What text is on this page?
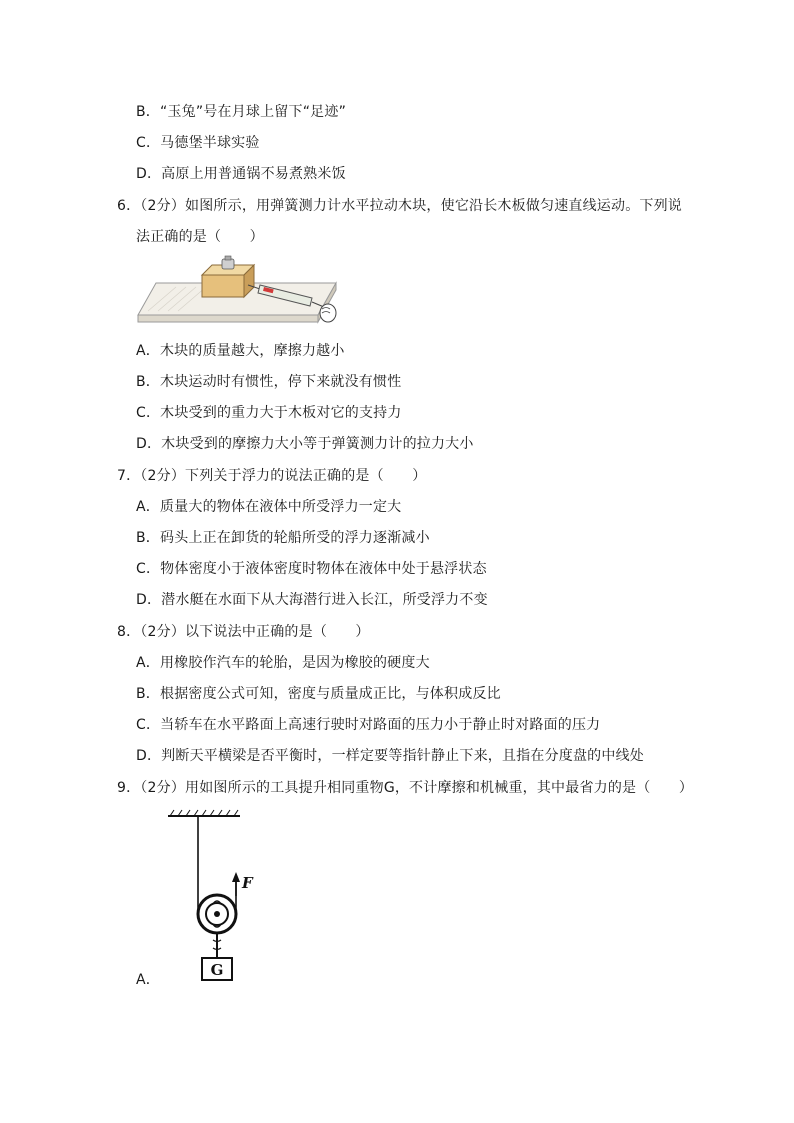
B．“玉兔”号在月球上留下“足迹”
C．马德堡半球实验
D．高原上用普通锅不易煮熟米饭
6．（2分）如图所示，用弹簧测力计水平拉动木块，使它沿长木板做匀速直线运动。下列说
法正确的是（　　）
A．木块的质量越大，摩擦力越小
B．木块运动时有惯性，停下来就没有惯性
C．木块受到的重力大于木板对它的支持力
D．木块受到的摩擦力大小等于弹簧测力计的拉力大小
7．（2分）下列关于浮力的说法正确的是（　　）
A．质量大的物体在液体中所受浮力一定大
B．码头上正在卸货的轮船所受的浮力逐渐减小
C．物体密度小于液体密度时物体在液体中处于悬浮状态
D．潜水艇在水面下从大海潜行进入长江，所受浮力不变
8．（2分）以下说法中正确的是（　　）
A．用橡胶作汽车的轮胎，是因为橡胶的硬度大
B．根据密度公式可知，密度与质量成正比，与体积成反比
C．当轿车在水平路面上高速行驶时对路面的压力小于静止时对路面的压力
D．判断天平横梁是否平衡时，一样定要等指针静止下来，且指在分度盘的中线处
9．（2分）用如图所示的工具提升相同重物G，不计摩擦和机械重，其中最省力的是（　　）
F
G
A．
